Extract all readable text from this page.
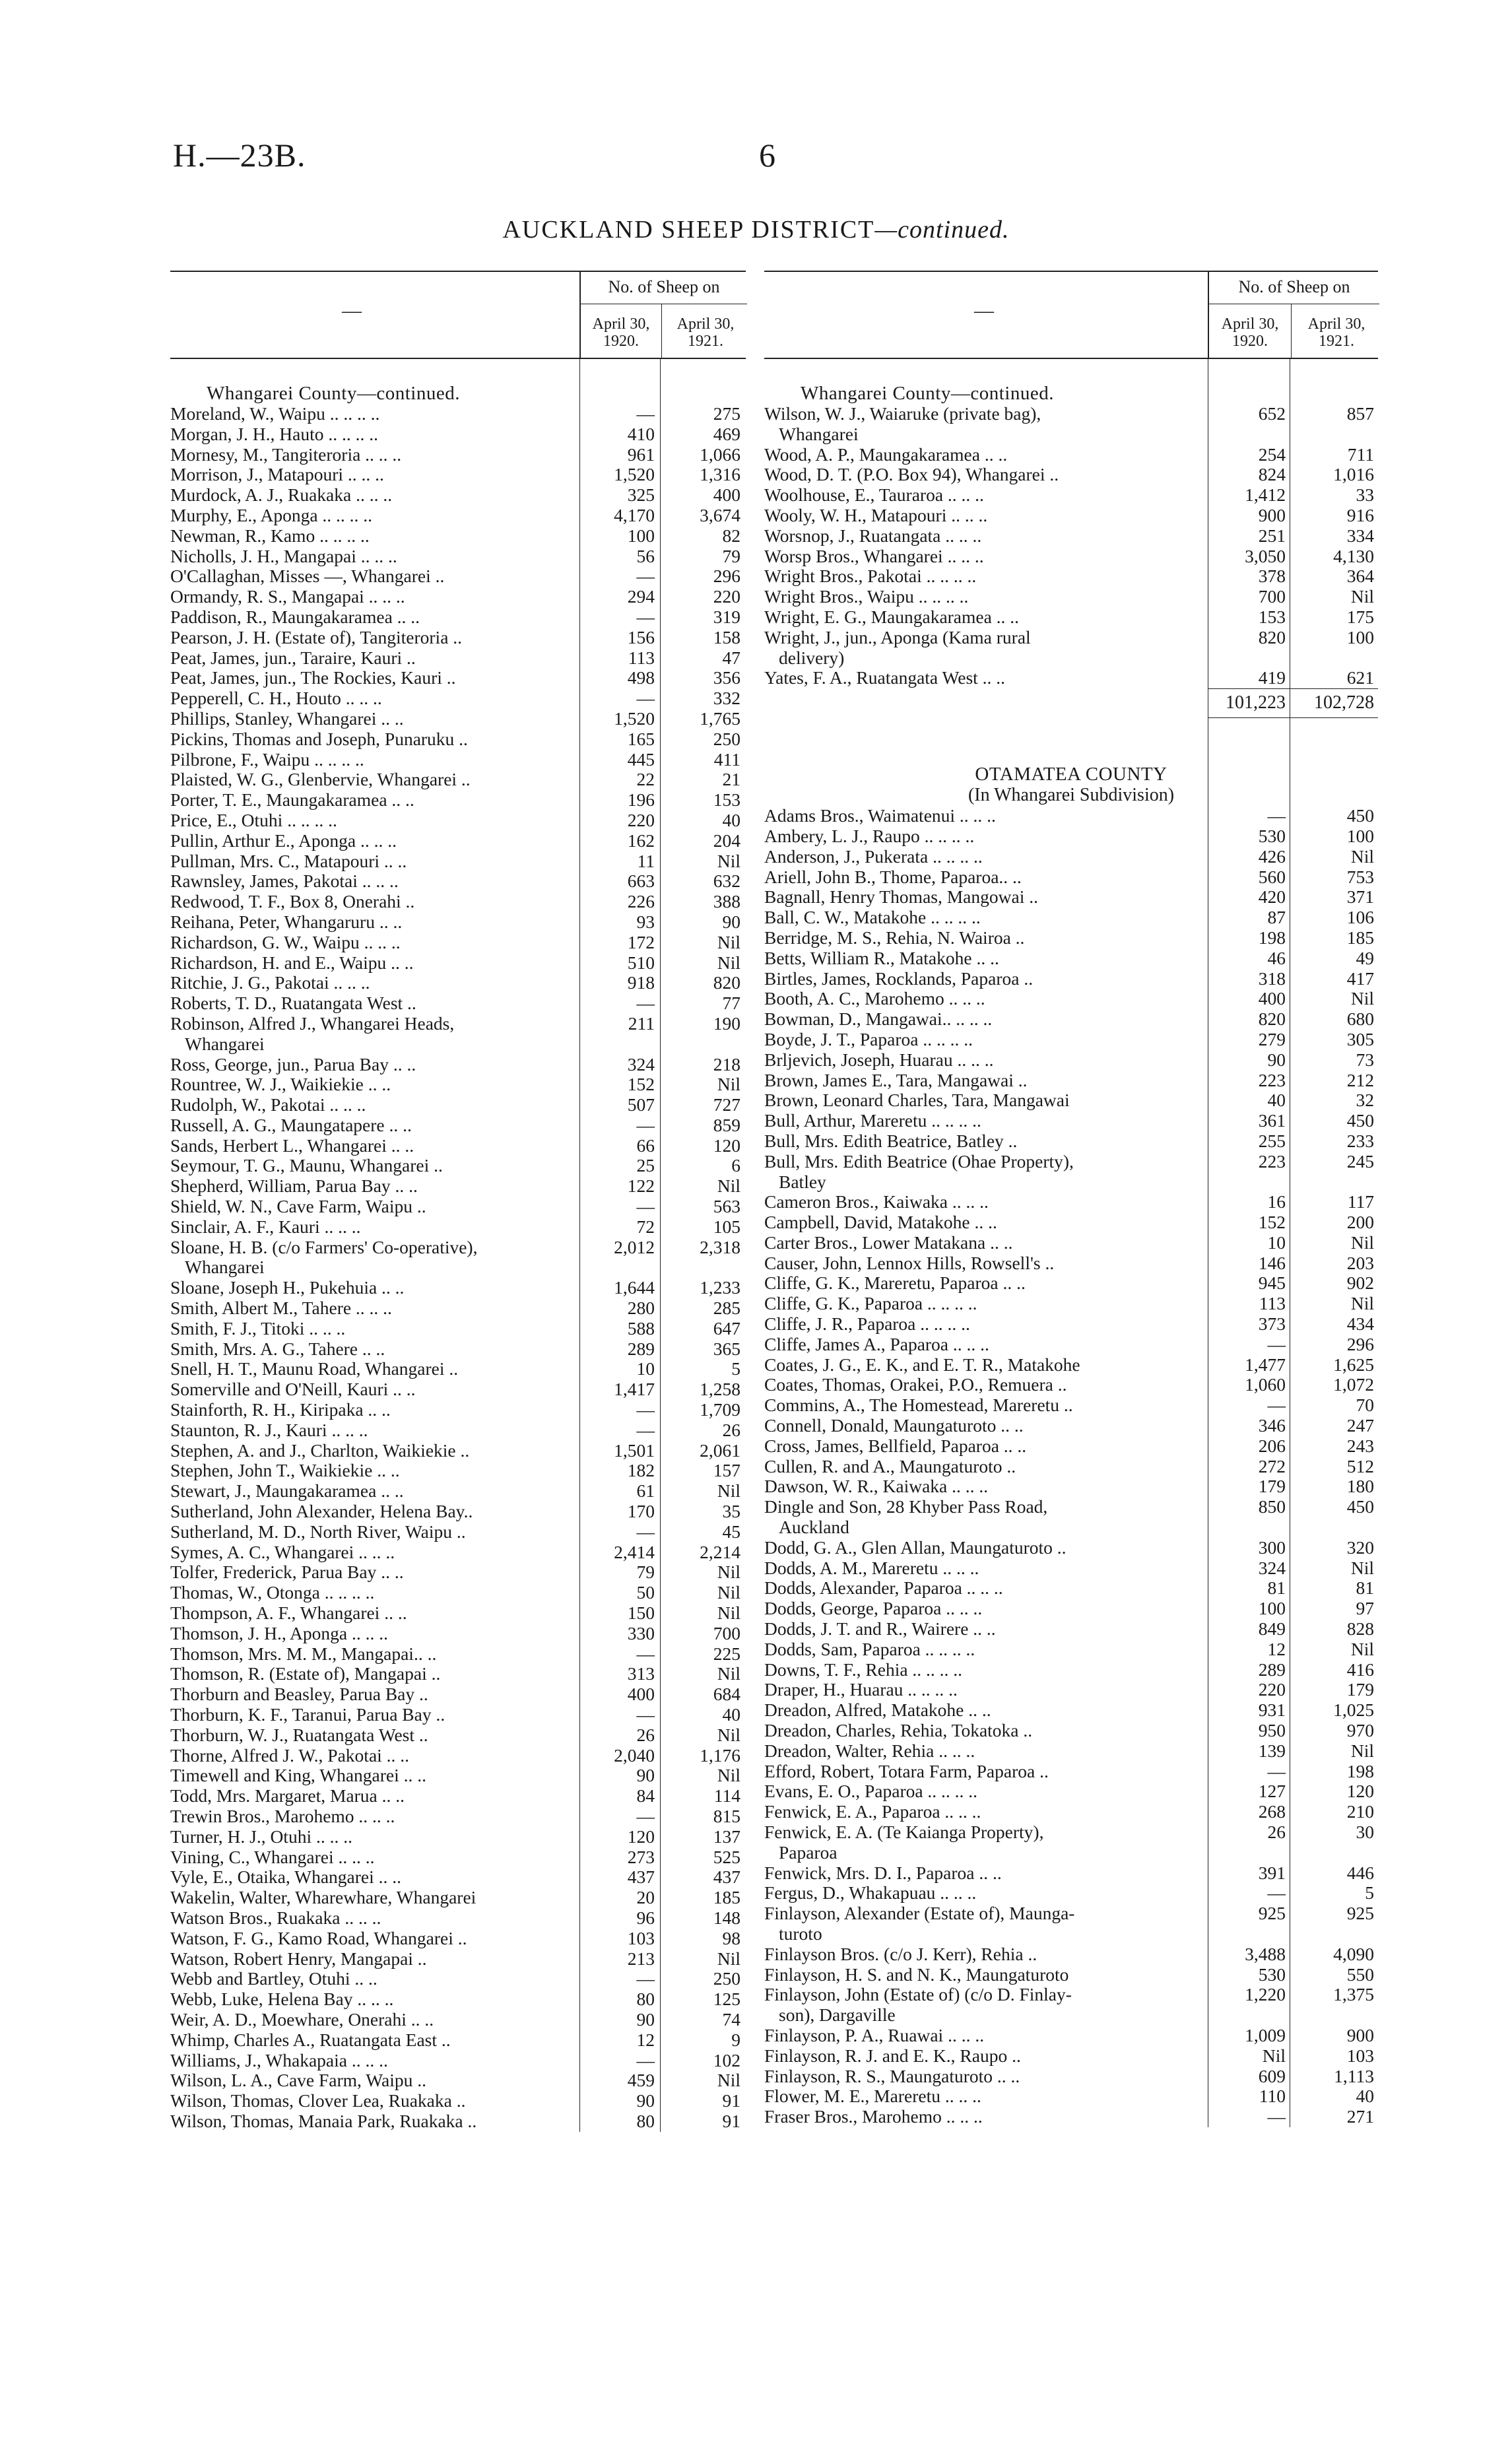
H.—23B.	6
AUCKLAND SHEEP DISTRICT—continued.
—
No. of Sheep on
April 30, 1920.
April 30, 1921.
Whangarei County—continued.
Moreland, W., Waipu .. .. .. ..	—	275
Morgan, J. H., Hauto .. .. .. ..	410	469
Mornesy, M., Tangiteroria .. .. ..	961	1,066
Morrison, J., Matapouri .. .. ..	1,520	1,316
Murdock, A. J., Ruakaka .. .. ..	325	400
Murphy, E., Aponga .. .. .. ..	4,170	3,674
Newman, R., Kamo .. .. .. ..	100	82
Nicholls, J. H., Mangapai .. .. ..	56	79
O'Callaghan, Misses —, Whangarei ..	—	296
Ormandy, R. S., Mangapai .. .. ..	294	220
Paddison, R., Maungakaramea .. ..	—	319
Pearson, J. H. (Estate of), Tangiteroria ..	156	158
Peat, James, jun., Taraire, Kauri ..	113	47
Peat, James, jun., The Rockies, Kauri ..	498	356
Pepperell, C. H., Houto .. .. ..	—	332
Phillips, Stanley, Whangarei .. ..	1,520	1,765
Pickins, Thomas and Joseph, Punaruku ..	165	250
Pilbrone, F., Waipu .. .. .. ..	445	411
Plaisted, W. G., Glenbervie, Whangarei ..	22	21
Porter, T. E., Maungakaramea .. ..	196	153
Price, E., Otuhi .. .. .. ..	220	40
Pullin, Arthur E., Aponga .. .. ..	162	204
Pullman, Mrs. C., Matapouri .. ..	11	Nil
Rawnsley, James, Pakotai .. .. ..	663	632
Redwood, T. F., Box 8, Onerahi ..	226	388
Reihana, Peter, Whangaruru .. ..	93	90
Richardson, G. W., Waipu .. .. ..	172	Nil
Richardson, H. and E., Waipu .. ..	510	Nil
Ritchie, J. G., Pakotai .. .. ..	918	820
Roberts, T. D., Ruatangata West ..	—	77
Robinson, Alfred J., Whangarei Heads,	211	190
Whangarei
Ross, George, jun., Parua Bay .. ..	324	218
Rountree, W. J., Waikiekie .. ..	152	Nil
Rudolph, W., Pakotai .. .. ..	507	727
Russell, A. G., Maungatapere .. ..	—	859
Sands, Herbert L., Whangarei .. ..	66	120
Seymour, T. G., Maunu, Whangarei ..	25	6
Shepherd, William, Parua Bay .. ..	122	Nil
Shield, W. N., Cave Farm, Waipu ..	—	563
Sinclair, A. F., Kauri .. .. ..	72	105
Sloane, H. B. (c/o Farmers' Co-operative),	2,012	2,318
Whangarei
Sloane, Joseph H., Pukehuia .. ..	1,644	1,233
Smith, Albert M., Tahere .. .. ..	280	285
Smith, F. J., Titoki .. .. ..	588	647
Smith, Mrs. A. G., Tahere .. ..	289	365
Snell, H. T., Maunu Road, Whangarei ..	10	5
Somerville and O'Neill, Kauri .. ..	1,417	1,258
Stainforth, R. H., Kiripaka .. ..	—	1,709
Staunton, R. J., Kauri .. .. ..	—	26
Stephen, A. and J., Charlton, Waikiekie ..	1,501	2,061
Stephen, John T., Waikiekie .. ..	182	157
Stewart, J., Maungakaramea .. ..	61	Nil
Sutherland, John Alexander, Helena Bay..	170	35
Sutherland, M. D., North River, Waipu ..	—	45
Symes, A. C., Whangarei .. .. ..	2,414	2,214
Tolfer, Frederick, Parua Bay .. ..	79	Nil
Thomas, W., Otonga .. .. .. ..	50	Nil
Thompson, A. F., Whangarei .. ..	150	Nil
Thomson, J. H., Aponga .. .. ..	330	700
Thomson, Mrs. M. M., Mangapai.. ..	—	225
Thomson, R. (Estate of), Mangapai ..	313	Nil
Thorburn and Beasley, Parua Bay ..	400	684
Thorburn, K. F., Taranui, Parua Bay ..	—	40
Thorburn, W. J., Ruatangata West ..	26	Nil
Thorne, Alfred J. W., Pakotai .. ..	2,040	1,176
Timewell and King, Whangarei .. ..	90	Nil
Todd, Mrs. Margaret, Marua .. ..	84	114
Trewin Bros., Marohemo .. .. ..	—	815
Turner, H. J., Otuhi .. .. ..	120	137
Vining, C., Whangarei .. .. ..	273	525
Vyle, E., Otaika, Whangarei .. ..	437	437
Wakelin, Walter, Wharewhare, Whangarei	20	185
Watson Bros., Ruakaka .. .. ..	96	148
Watson, F. G., Kamo Road, Whangarei ..	103	98
Watson, Robert Henry, Mangapai ..	213	Nil
Webb and Bartley, Otuhi .. ..	—	250
Webb, Luke, Helena Bay .. .. ..	80	125
Weir, A. D., Moewhare, Onerahi .. ..	90	74
Whimp, Charles A., Ruatangata East ..	12	9
Williams, J., Whakapaia .. .. ..	—	102
Wilson, L. A., Cave Farm, Waipu ..	459	Nil
Wilson, Thomas, Clover Lea, Ruakaka ..	90	91
Wilson, Thomas, Manaia Park, Ruakaka ..	80	91
—
No. of Sheep on
April 30, 1920.
April 30, 1921.
Whangarei County—continued.
Wilson, W. J., Waiaruke (private bag),	652	857
Whangarei
Wood, A. P., Maungakaramea .. ..	254	711
Wood, D. T. (P.O. Box 94), Whangarei ..	824	1,016
Woolhouse, E., Tauraroa .. .. ..	1,412	33
Wooly, W. H., Matapouri .. .. ..	900	916
Worsnop, J., Ruatangata .. .. ..	251	334
Worsp Bros., Whangarei .. .. ..	3,050	4,130
Wright Bros., Pakotai .. .. .. ..	378	364
Wright Bros., Waipu .. .. .. ..	700	Nil
Wright, E. G., Maungakaramea .. ..	153	175
Wright, J., jun., Aponga (Kama rural	820	100
delivery)
Yates, F. A., Ruatangata West .. ..	419	621
101,223	102,728
OTAMATEA COUNTY
(In Whangarei Subdivision)
Adams Bros., Waimatenui .. .. ..	—	450
Ambery, L. J., Raupo .. .. .. ..	530	100
Anderson, J., Pukerata .. .. .. ..	426	Nil
Ariell, John B., Thome, Paparoa.. ..	560	753
Bagnall, Henry Thomas, Mangowai ..	420	371
Ball, C. W., Matakohe .. .. .. ..	87	106
Berridge, M. S., Rehia, N. Wairoa ..	198	185
Betts, William R., Matakohe .. ..	46	49
Birtles, James, Rocklands, Paparoa ..	318	417
Booth, A. C., Marohemo .. .. ..	400	Nil
Bowman, D., Mangawai.. .. .. ..	820	680
Boyde, J. T., Paparoa .. .. .. ..	279	305
Brljevich, Joseph, Huarau .. .. ..	90	73
Brown, James E., Tara, Mangawai ..	223	212
Brown, Leonard Charles, Tara, Mangawai	40	32
Bull, Arthur, Mareretu .. .. .. ..	361	450
Bull, Mrs. Edith Beatrice, Batley ..	255	233
Bull, Mrs. Edith Beatrice (Ohae Property),	223	245
Batley
Cameron Bros., Kaiwaka .. .. ..	16	117
Campbell, David, Matakohe .. ..	152	200
Carter Bros., Lower Matakana .. ..	10	Nil
Causer, John, Lennox Hills, Rowsell's ..	146	203
Cliffe, G. K., Mareretu, Paparoa .. ..	945	902
Cliffe, G. K., Paparoa .. .. .. ..	113	Nil
Cliffe, J. R., Paparoa .. .. .. ..	373	434
Cliffe, James A., Paparoa .. .. ..	—	296
Coates, J. G., E. K., and E. T. R., Matakohe	1,477	1,625
Coates, Thomas, Orakei, P.O., Remuera ..	1,060	1,072
Commins, A., The Homestead, Mareretu ..	—	70
Connell, Donald, Maungaturoto .. ..	346	247
Cross, James, Bellfield, Paparoa .. ..	206	243
Cullen, R. and A., Maungaturoto ..	272	512
Dawson, W. R., Kaiwaka .. .. ..	179	180
Dingle and Son, 28 Khyber Pass Road,	850	450
Auckland
Dodd, G. A., Glen Allan, Maungaturoto ..	300	320
Dodds, A. M., Mareretu .. .. ..	324	Nil
Dodds, Alexander, Paparoa .. .. ..	81	81
Dodds, George, Paparoa .. .. ..	100	97
Dodds, J. T. and R., Wairere .. ..	849	828
Dodds, Sam, Paparoa .. .. .. ..	12	Nil
Downs, T. F., Rehia .. .. .. ..	289	416
Draper, H., Huarau .. .. .. ..	220	179
Dreadon, Alfred, Matakohe .. ..	931	1,025
Dreadon, Charles, Rehia, Tokatoka ..	950	970
Dreadon, Walter, Rehia .. .. ..	139	Nil
Efford, Robert, Totara Farm, Paparoa ..	—	198
Evans, E. O., Paparoa .. .. .. ..	127	120
Fenwick, E. A., Paparoa .. .. ..	268	210
Fenwick, E. A. (Te Kaianga Property),	26	30
Paparoa
Fenwick, Mrs. D. I., Paparoa .. ..	391	446
Fergus, D., Whakapuau .. .. ..	—	5
Finlayson, Alexander (Estate of), Maunga-	925	925
turoto
Finlayson Bros. (c/o J. Kerr), Rehia ..	3,488	4,090
Finlayson, H. S. and N. K., Maungaturoto	530	550
Finlayson, John (Estate of) (c/o D. Finlay-	1,220	1,375
son), Dargaville
Finlayson, P. A., Ruawai .. .. ..	1,009	900
Finlayson, R. J. and E. K., Raupo ..	Nil	103
Finlayson, R. S., Maungaturoto .. ..	609	1,113
Flower, M. E., Mareretu .. .. ..	110	40
Fraser Bros., Marohemo .. .. ..	—	271
